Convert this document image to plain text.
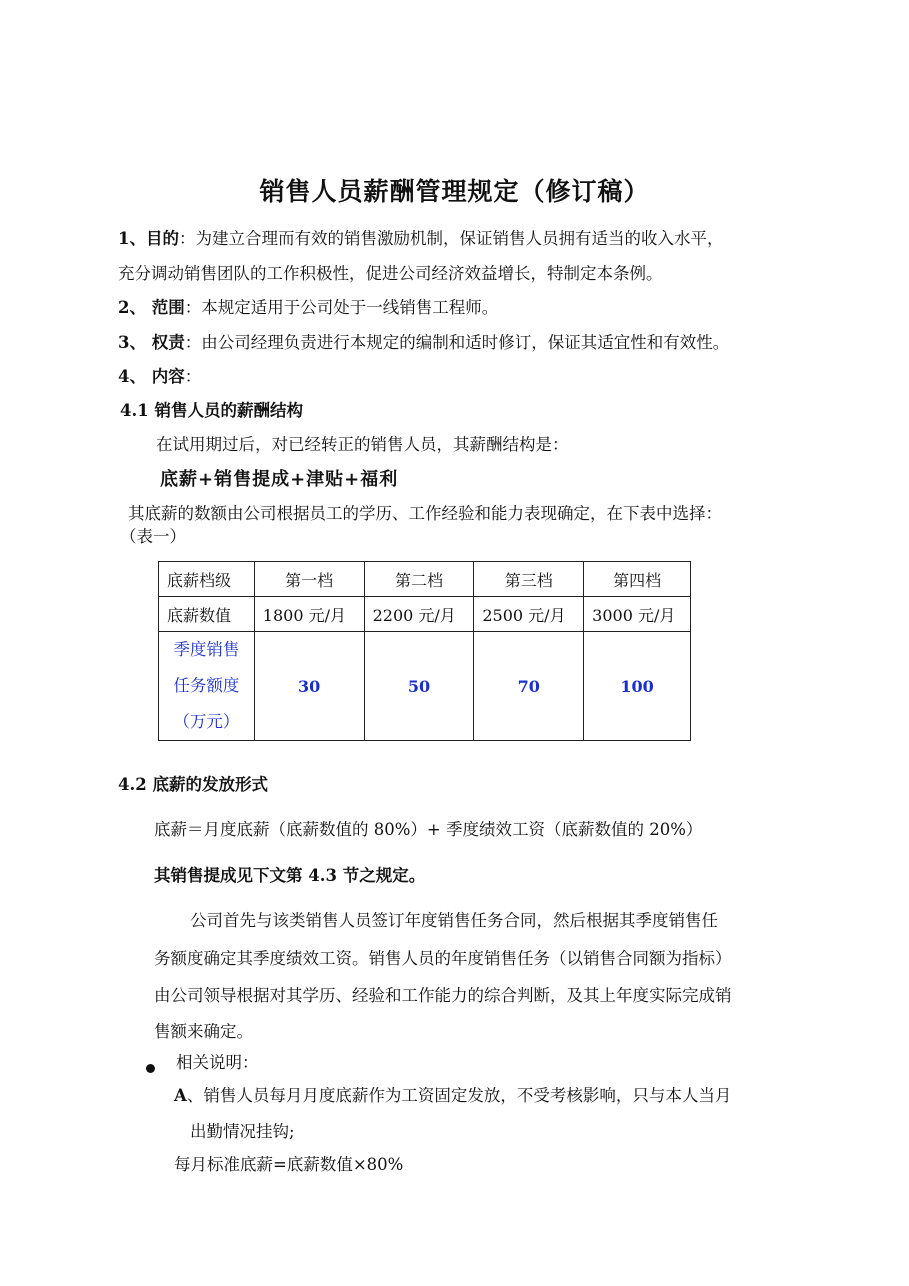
销售人员薪酬管理规定（修订稿）
1、目的：为建立合理而有效的销售激励机制，保证销售人员拥有适当的收入水平，
充分调动销售团队的工作积极性，促进公司经济效益增长，特制定本条例。
2、 范围：本规定适用于公司处于一线销售工程师。
3、 权责：由公司经理负责进行本规定的编制和适时修订，保证其适宜性和有效性。
4、 内容：
4.1 销售人员的薪酬结构
在试用期过后，对已经转正的销售人员，其薪酬结构是：
底薪+销售提成+津贴+福利
其底薪的数额由公司根据员工的学历、工作经验和能力表现确定，在下表中选择：
（表一）
底薪档级	第一档	第二档	第三档	第四档
底薪数值	1800 元/月	2200 元/月	2500 元/月	3000 元/月

季度销售
任务额度
（万元）	30	50	70	100
4.2 底薪的发放形式
底薪＝月度底薪（底薪数值的 80%）+ 季度绩效工资（底薪数值的 20%）
其销售提成见下文第 4.3 节之规定。
公司首先与该类销售人员签订年度销售任务合同，然后根据其季度销售任
务额度确定其季度绩效工资。销售人员的年度销售任务（以销售合同额为指标）
由公司领导根据对其学历、经验和工作能力的综合判断，及其上年度实际完成销
售额来确定。
相关说明：
A、销售人员每月月度底薪作为工资固定发放，不受考核影响，只与本人当月
出勤情况挂钩;
每月标准底薪=底薪数值×80%
